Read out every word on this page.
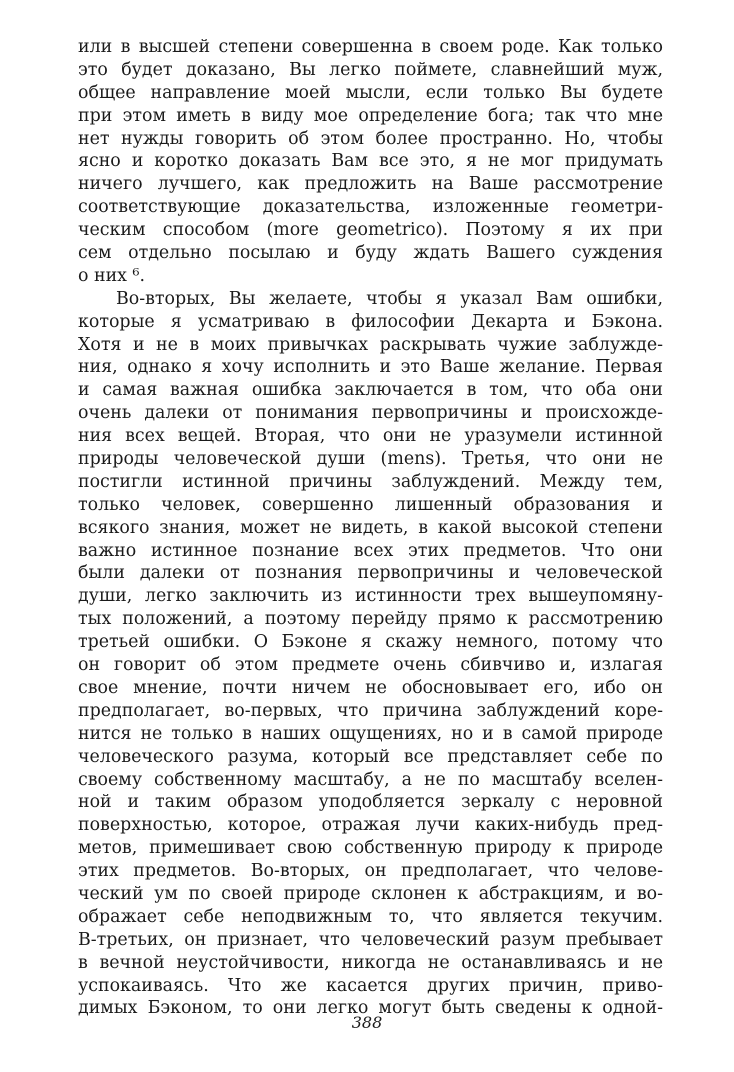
или в высшей степени совершенна в своем роде. Как только
это будет доказано, Вы легко поймете, славнейший муж,
общее направление моей мысли, если только Вы будете
при этом иметь в виду мое определение бога; так что мне
нет нужды говорить об этом более пространно. Но, чтобы
ясно и коротко доказать Вам все это, я не мог придумать
ничего лучшего, как предложить на Ваше рассмотрение
соответствующие доказательства, изложенные геометри-
ческим способом (more geometrico). Поэтому я их при
сем отдельно посылаю и буду ждать Вашего суждения
о них ⁶.
Во-вторых, Вы желаете, чтобы я указал Вам ошибки,
которые я усматриваю в философии Декарта и Бэкона.
Хотя и не в моих привычках раскрывать чужие заблужде-
ния, однако я хочу исполнить и это Ваше желание. Первая
и самая важная ошибка заключается в том, что оба они
очень далеки от понимания первопричины и происхожде-
ния всех вещей. Вторая, что они не уразумели истинной
природы человеческой души (mens). Третья, что они не
постигли истинной причины заблуждений. Между тем,
только человек, совершенно лишенный образования и
всякого знания, может не видеть, в какой высокой степени
важно истинное познание всех этих предметов. Что они
были далеки от познания первопричины и человеческой
души, легко заключить из истинности трех вышеупомяну-
тых положений, а поэтому перейду прямо к рассмотрению
третьей ошибки. О Бэконе я скажу немного, потому что
он говорит об этом предмете очень сбивчиво и, излагая
свое мнение, почти ничем не обосновывает его, ибо он
предполагает, во-первых, что причина заблуждений коре-
нится не только в наших ощущениях, но и в самой природе
человеческого разума, который все представляет себе по
своему собственному масштабу, а не по масштабу вселен-
ной и таким образом уподобляется зеркалу с неровной
поверхностью, которое, отражая лучи каких-нибудь пред-
метов, примешивает свою собственную природу к природе
этих предметов. Во-вторых, он предполагает, что челове-
ческий ум по своей природе склонен к абстракциям, и во-
ображает себе неподвижным то, что является текучим.
В-третьих, он признает, что человеческий разум пребывает
в вечной неустойчивости, никогда не останавливаясь и не
успокаиваясь. Что же касается других причин, приво-
димых Бэконом, то они легко могут быть сведены к одной-
388
